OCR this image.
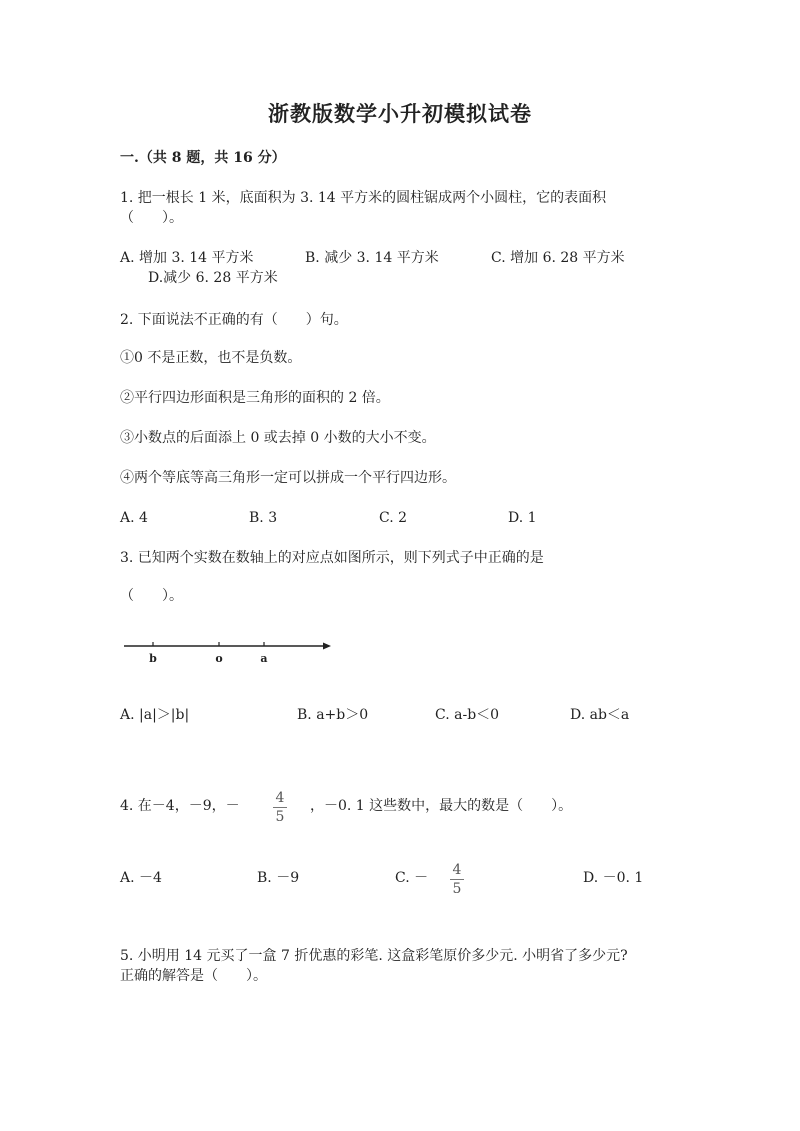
浙教版数学小升初模拟试卷
一.（共 8 题，共 16 分）
1. 把一根长 1 米，底面积为 3. 14 平方米的圆柱锯成两个小圆柱，它的表面积
（　　）。
A. 增加 3. 14 平方米	B. 减少 3. 14 平方米	C. 增加 6. 28 平方米
D.减少 6. 28 平方米
2. 下面说法不正确的有（　　）句。
①0 不是正数，也不是负数。
②平行四边形面积是三角形的面积的 2 倍。
③小数点的后面添上 0 或去掉 0 小数的大小不变。
④两个等底等高三角形一定可以拼成一个平行四边形。
A. 4	B. 3	C. 2	D. 1
3. 已知两个实数在数轴上的对应点如图所示，则下列式子中正确的是
（　　）。
b	o	a
A. |a|＞|b|	B. a+b＞0	C. a-b＜0	D. ab＜a
4. 在－4，－9，－	4
5
，－0. 1 这些数中，最大的数是（　　）。
A. －4	B. －9	C. － 4
5
D. －0. 1
5. 小明用 14 元买了一盒 7 折优惠的彩笔. 这盒彩笔原价多少元. 小明省了多少元?
正确的解答是（　　）。
